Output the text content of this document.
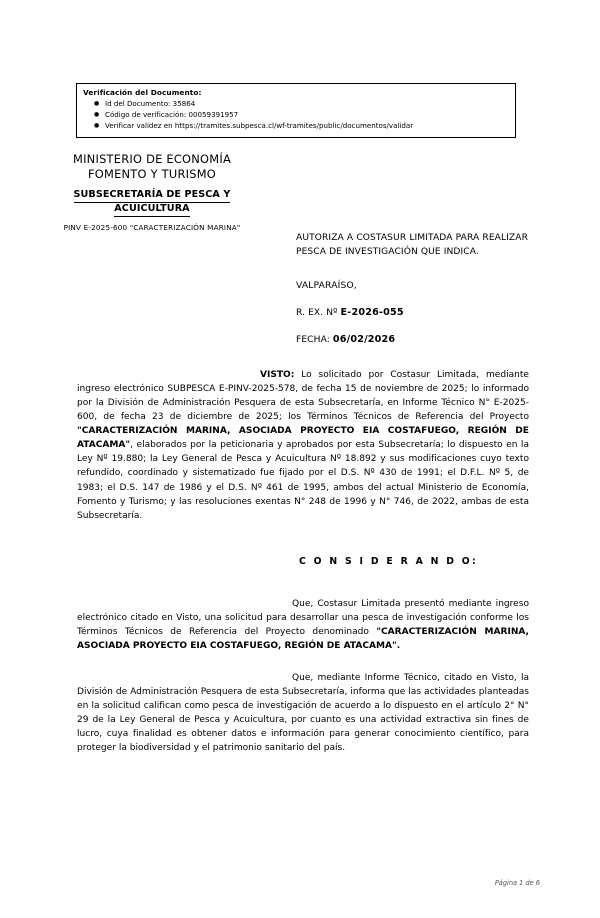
Verificación del Documento:
● Id del Documento: 35864
● Código de verificación: 00059391957
● Verificar validez en https://tramites.subpesca.cl/wf-tramites/public/documentos/validar
MINISTERIO DE ECONOMÍA
FOMENTO Y TURISMO
SUBSECRETARÍA DE PESCA Y
ACUICULTURA
PINV E-2025-600 "CARACTERIZACIÓN MARINA"
AUTORIZA A COSTASUR LIMITADA PARA REALIZAR PESCA DE INVESTIGACIÓN QUE INDICA.
VALPARAÍSO,
R. EX. Nº E-2026-055
FECHA: 06/02/2026

VISTO: Lo solicitado por Costasur Limitada, mediante ingreso electrónico SUBPESCA E-PINV-2025-578, de fecha 15 de noviembre de 2025; lo informado por la División de Administración Pesquera de esta Subsecretaría, en Informe Técnico N° E-2025-600, de fecha 23 de diciembre de 2025; los Términos Técnicos de Referencia del Proyecto "CARACTERIZACIÓN MARINA, ASOCIADA PROYECTO EIA COSTAFUEGO, REGIÓN DE ATACAMA", elaborados por la peticionaria y aprobados por esta Subsecretaría; lo dispuesto en la Ley Nº 19.880; la Ley General de Pesca y Acuicultura Nº 18.892 y sus modificaciones cuyo texto refundido, coordinado y sistematizado fue fijado por el D.S. Nº 430 de 1991; el D.F.L. Nº 5, de 1983; el D.S. 147 de 1986 y el D.S. Nº 461 de 1995, ambos del actual Ministerio de Economía, Fomento y Turismo; y las resoluciones exentas N° 248 de 1996 y N° 746, de 2022, ambas de esta Subsecretaría.

C O N S I D E R A N D O:

Que, Costasur Limitada presentó mediante ingreso electrónico citado en Visto, una solicitud para desarrollar una pesca de investigación conforme los Términos Técnicos de Referencia del Proyecto denominado "CARACTERIZACIÓN MARINA, ASOCIADA PROYECTO EIA COSTAFUEGO, REGIÓN DE ATACAMA".

Que, mediante Informe Técnico, citado en Visto, la División de Administración Pesquera de esta Subsecretaría, informa que las actividades planteadas en la solicitud califican como pesca de investigación de acuerdo a lo dispuesto en el artículo 2° N° 29 de la Ley General de Pesca y Acuicultura, por cuanto es una actividad extractiva sin fines de lucro, cuya finalidad es obtener datos e información para generar conocimiento científico, para proteger la biodiversidad y el patrimonio sanitario del país.

Página 1 de 6
